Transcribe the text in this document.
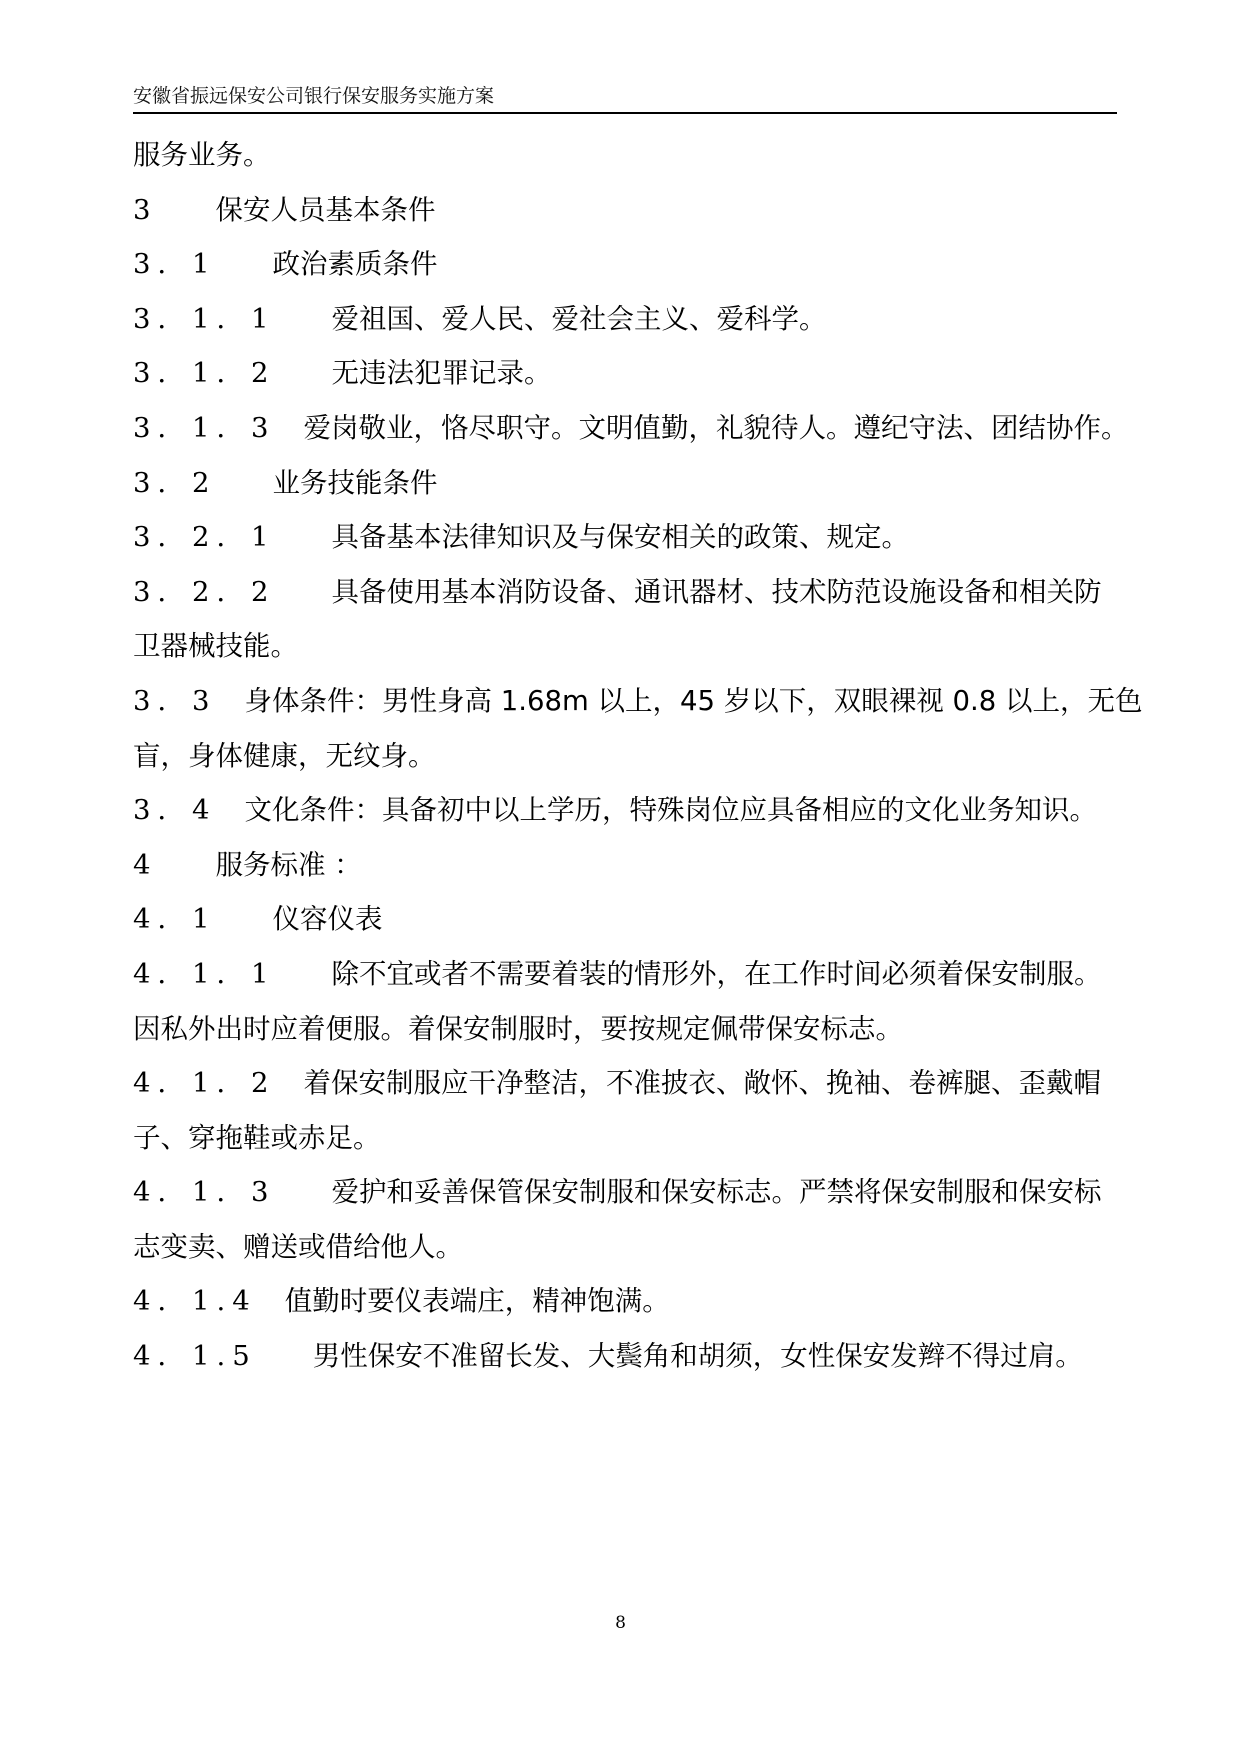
安徽省振远保安公司银行保安服务实施方案
服务业务。
3 保安人员基本条件
3．1 政治素质条件
3．1．1 爱祖国、爱人民、爱社会主义、爱科学。
3．1．2 无违法犯罪记录。
3．1．3 爱岗敬业，恪尽职守。文明值勤，礼貌待人。遵纪守法、团结协作。
3．2 业务技能条件
3．2．1 具备基本法律知识及与保安相关的政策、规定。
3．2．2 具备使用基本消防设备、通讯器材、技术防范设施设备和相关防
卫器械技能。
3．3 身体条件：男性身高 1.68m 以上，45 岁以下，双眼裸视 0.8 以上，无色
盲，身体健康，无纹身。
3．4 文化条件：具备初中以上学历，特殊岗位应具备相应的文化业务知识。
4 服务标准 ：
4．1 仪容仪表
4．1．1 除不宜或者不需要着装的情形外，在工作时间必须着保安制服。
因私外出时应着便服。着保安制服时，要按规定佩带保安标志。
4．1．2 着保安制服应干净整洁，不准披衣、敞怀、挽袖、卷裤腿、歪戴帽
子、穿拖鞋或赤足。
4．1．3 爱护和妥善保管保安制服和保安标志。严禁将保安制服和保安标
志变卖、赠送或借给他人。
4．1.4 值勤时要仪表端庄，精神饱满。
4．1.5 男性保安不准留长发、大鬓角和胡须，女性保安发辫不得过肩。
8
